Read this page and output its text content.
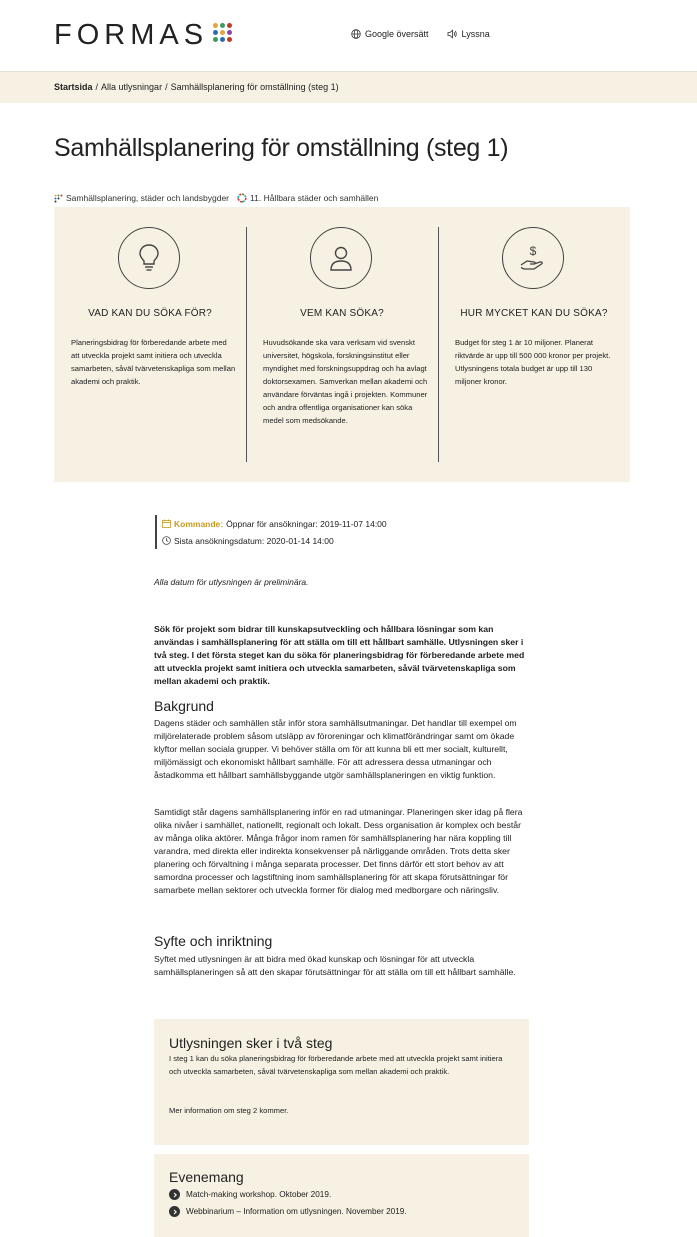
FORMAS	Google översätt	Lyssna
Startsida / Alla utlysningar / Samhällsplanering för omställning (steg 1)
Samhällsplanering för omställning (steg 1)
Samhällsplanering, städer och landsbygder 11. Hållbara städer och samhällen
VAD KAN DU SÖKA FÖR?
Planeringsbidrag för förberedande arbete med att utveckla projekt samt initiera och utveckla samarbeten, såväl tvärvetenskapliga som mellan akademi och praktik.
VEM KAN SÖKA?
Huvudsökande ska vara verksam vid svenskt universitet, högskola, forskningsinstitut eller myndighet med forskningsuppdrag och ha avlagt doktorsexamen. Samverkan mellan akademi och användare förväntas ingå i projekten. Kommuner och andra offentliga organisationer kan söka medel som medsökande.
$
HUR MYCKET KAN DU SÖKA?
Budget för steg 1 är 10 miljoner. Planerat riktvärde är upp till 500 000 kronor per projekt. Utlysningens totala budget är upp till 130 miljoner kronor.
Kommande: Öppnar för ansökningar: 2019-11-07 14:00
Sista ansökningsdatum: 2020-01-14 14:00
Alla datum för utlysningen är preliminära.
Sök för projekt som bidrar till kunskapsutveckling och hållbara lösningar som kan användas i samhällsplanering för att ställa om till ett hållbart samhälle. Utlysningen sker i två steg. I det första steget kan du söka för planeringsbidrag för förberedande arbete med att utveckla projekt samt initiera och utveckla samarbeten, såväl tvärvetenskapliga som mellan akademi och praktik.
Bakgrund

Dagens städer och samhällen står inför stora samhällsutmaningar. Det handlar till exempel om miljörelaterade problem såsom utsläpp av föroreningar och klimatförändringar samt om ökade klyftor mellan sociala grupper. Vi behöver ställa om för att kunna bli ett mer socialt, kulturellt, miljömässigt och ekonomiskt hållbart samhälle. För att adressera dessa utmaningar och åstadkomma ett hållbart samhällsbyggande utgör samhällsplaneringen en viktig funktion.

Samtidigt står dagens samhällsplanering inför en rad utmaningar. Planeringen sker idag på flera olika nivåer i samhället, nationellt, regionalt och lokalt. Dess organisation är komplex och består av många olika aktörer. Många frågor inom ramen för samhällsplanering har nära koppling till varandra, med direkta eller indirekta konsekvenser på närliggande områden. Trots detta sker planering och förvaltning i många separata processer. Det finns därför ett stort behov av att samordna processer och lagstiftning inom samhällsplanering för att skapa förutsättningar för samarbete mellan sektorer och utveckla former för dialog med medborgare och näringsliv.

Syfte och inriktning

Syftet med utlysningen är att bidra med ökad kunskap och lösningar för att utveckla samhällsplaneringen så att den skapar förutsättningar för att ställa om till ett hållbart samhälle.

Utlysningen sker i två steg
I steg 1 kan du söka planeringsbidrag för förberedande arbete med att utveckla projekt samt initiera och utveckla samarbeten, såväl tvärvetenskapliga som mellan akademi och praktik.
Mer information om steg 2 kommer.
Evenemang
Match-making workshop. Oktober 2019.
Webbinarium – Information om utlysningen. November 2019.
